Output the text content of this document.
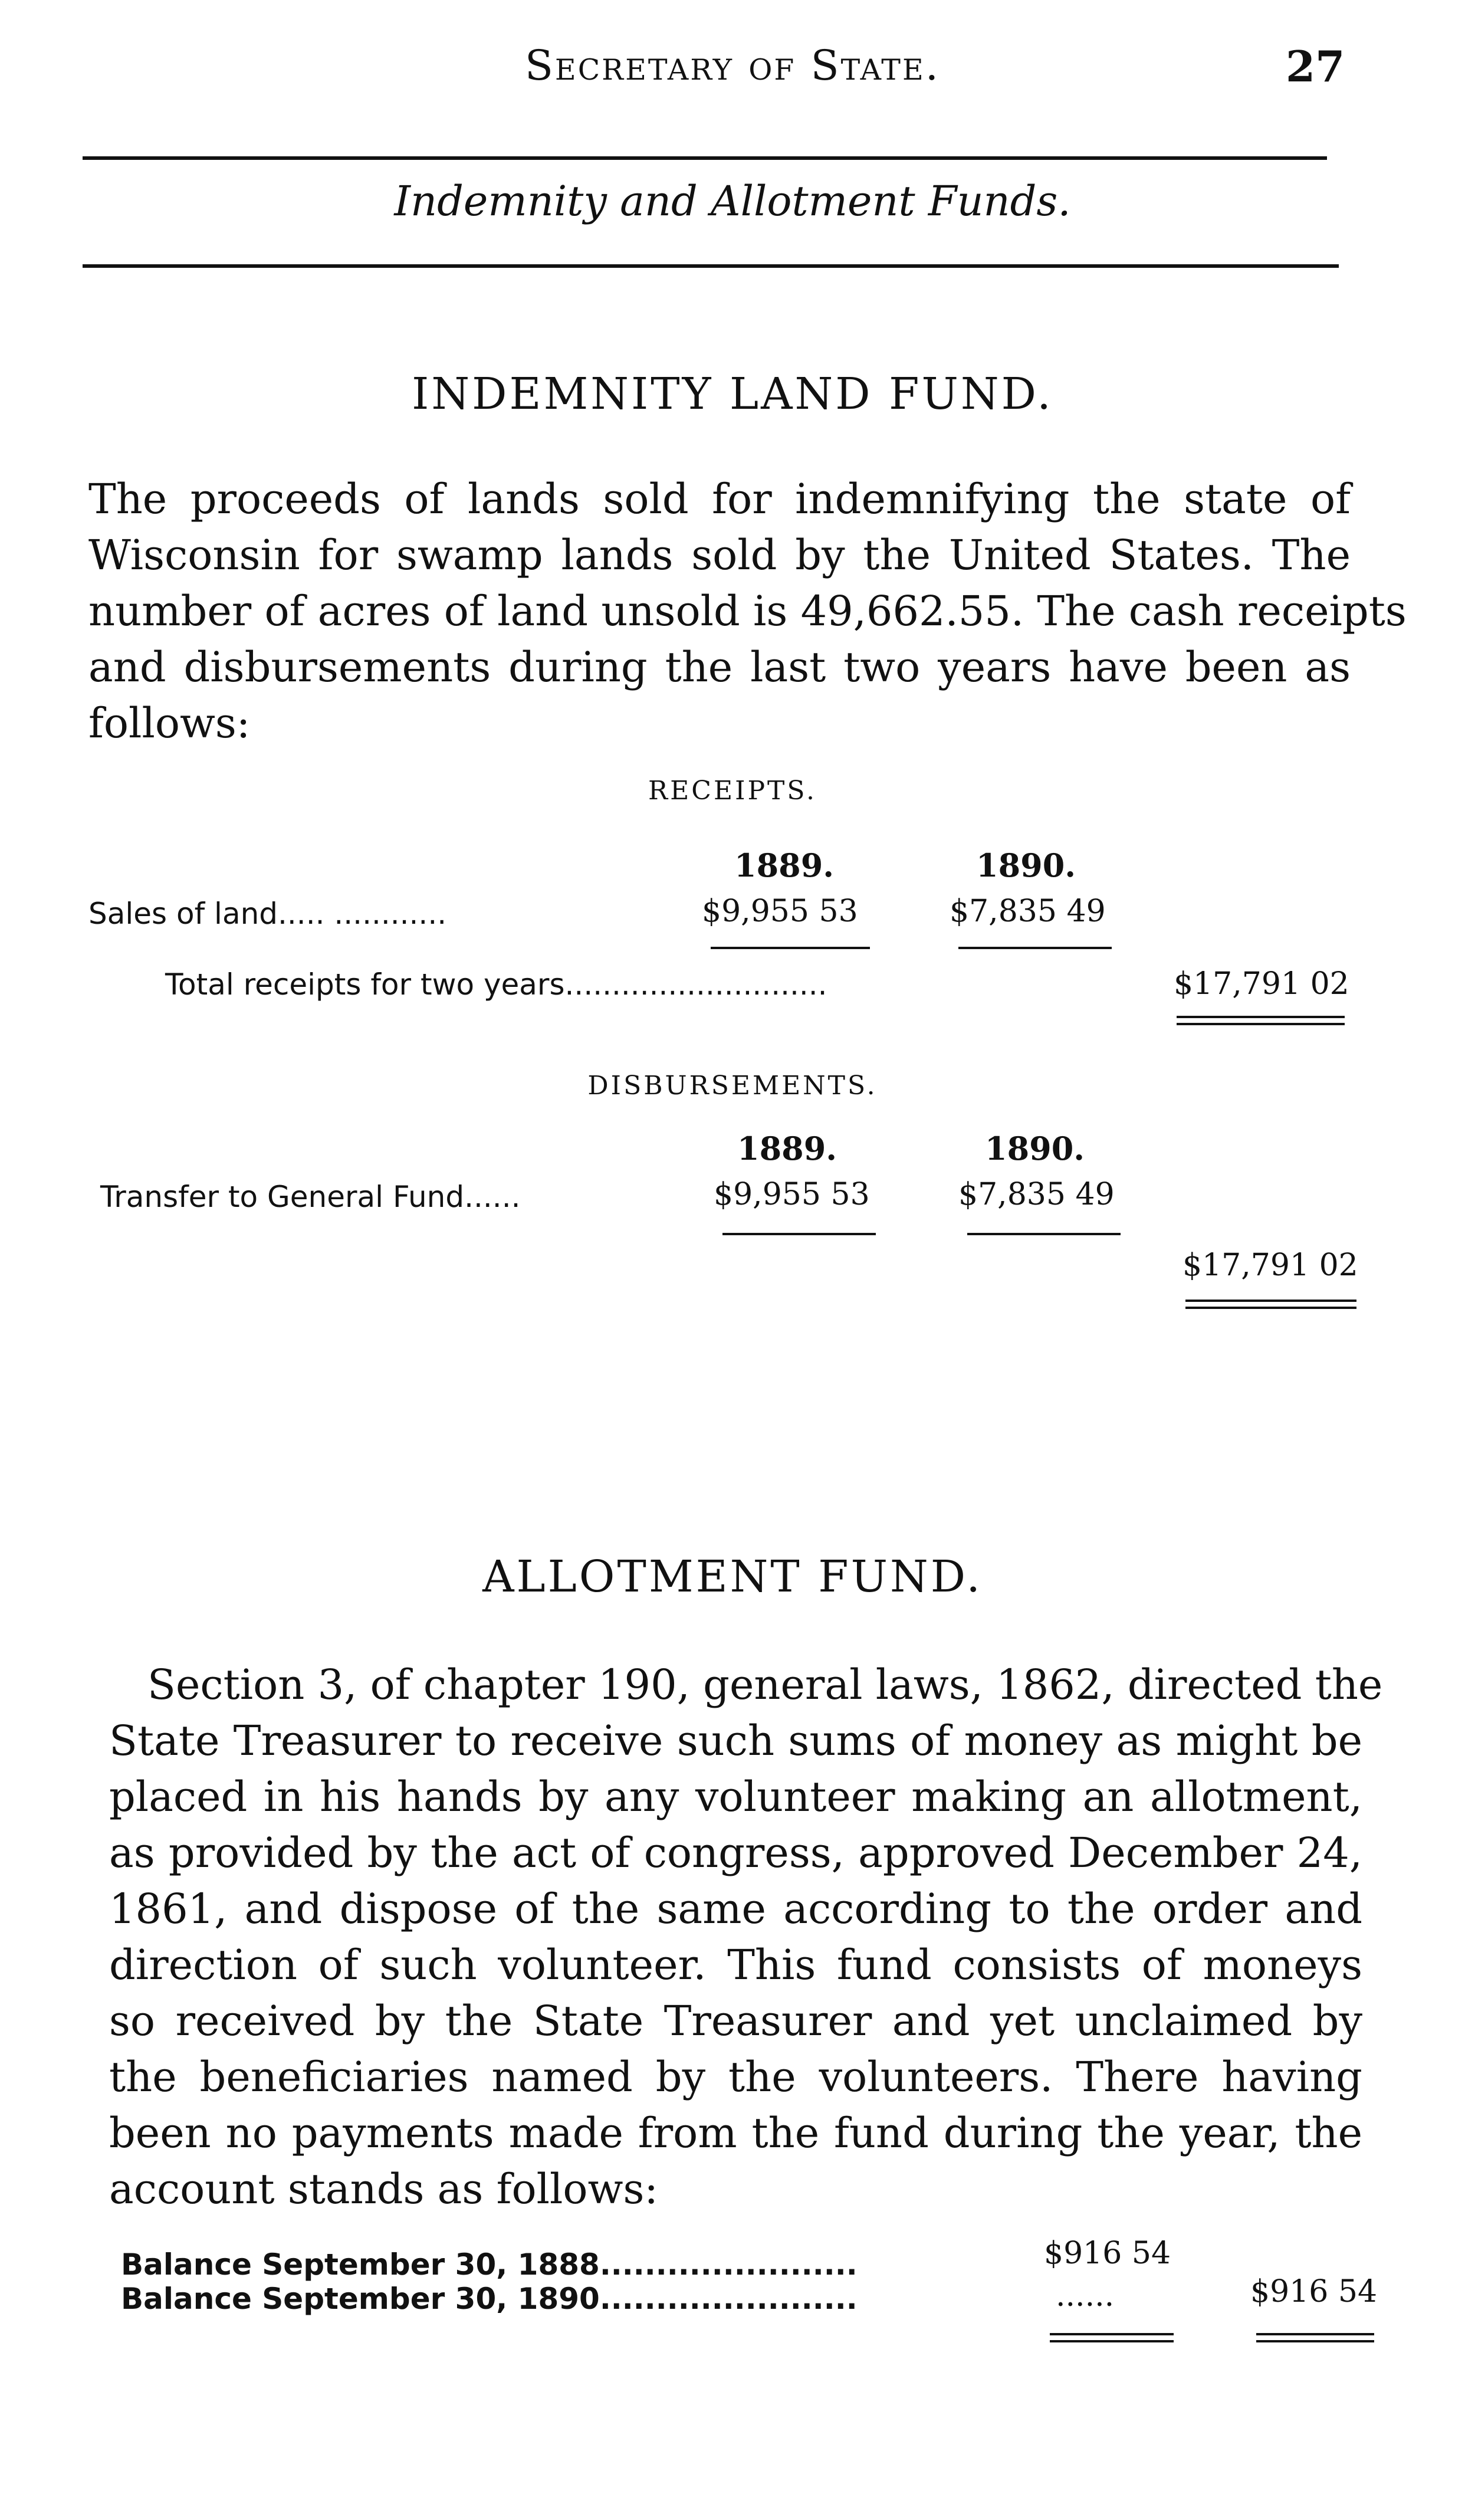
Secretary of State.	27
Indemnity and Allotment Funds.
INDEMNITY LAND FUND.
The proceeds of lands sold for indemnifying the state of
Wisconsin for swamp lands sold by the United States. The
number of acres of land unsold is 49,662.55. The cash receipts
and disbursements during the last two years have been as
follows:
RECEIPTS.
1889.	1890.
Sales of land..... ............	$9,955 53	$7,835 49
Total receipts for two years............................	$17,791 02
DISBURSEMENTS.
1889.	1890.
Transfer to General Fund......	$9,955 53	$7,835 49
$17,791 02
ALLOTMENT FUND.
Section 3, of chapter 190, general laws, 1862, directed the
State Treasurer to receive such sums of money as might be
placed in his hands by any volunteer making an allotment,
as provided by the act of congress, approved December 24,
1861, and dispose of the same according to the order and
direction of such volunteer. This fund consists of moneys
so received by the State Treasurer and yet unclaimed by
the beneficiaries named by the volunteers. There having
been no payments made from the fund during the year, the
account stands as follows:
Balance September 30, 1888.......................	$916 54
Balance September 30, 1890.......................	......	$916 54
